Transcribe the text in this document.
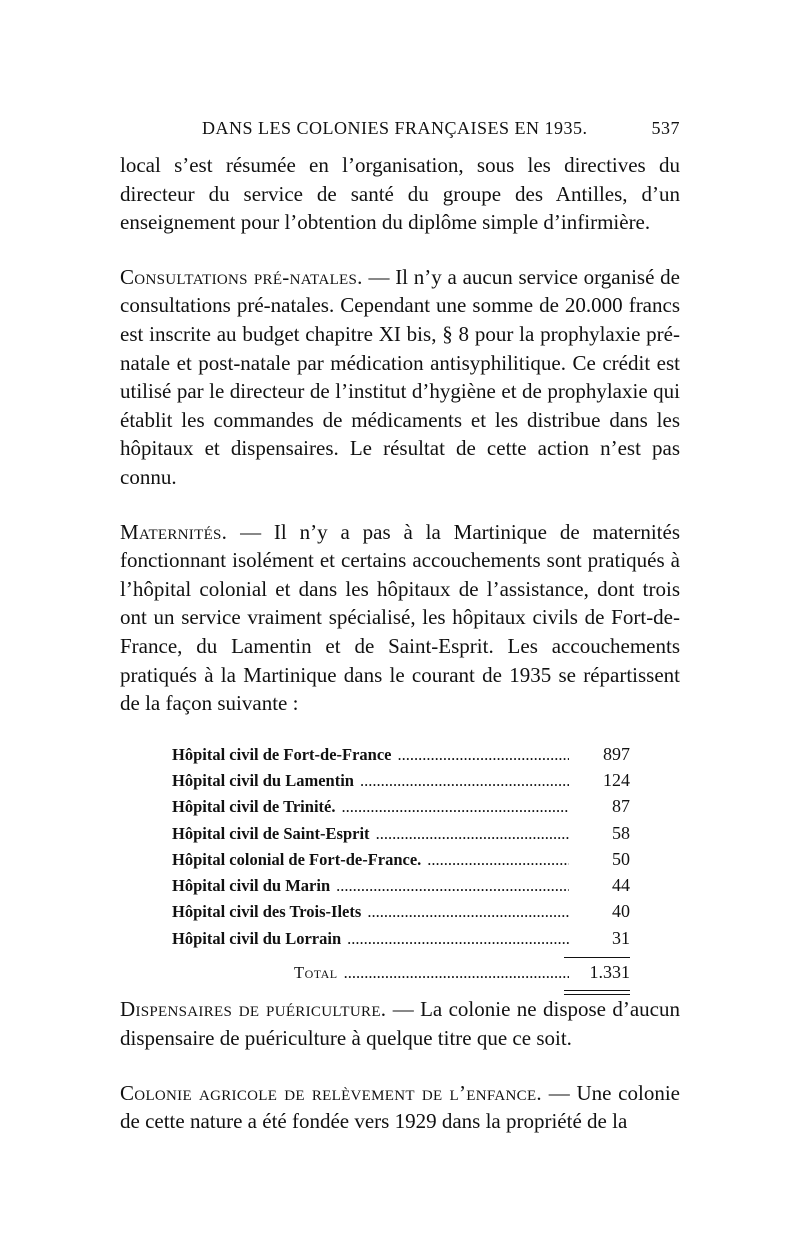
DANS LES COLONIES FRANÇAISES EN 1935.	537

local s’est résumée en l’organisation, sous les directives du directeur du service de santé du groupe des Antilles, d’un enseignement pour l’obtention du diplôme simple d’infirmière.

Consultations pré-natales. — Il n’y a aucun service organisé de consultations pré-natales. Cependant une somme de 20.000 francs est inscrite au budget chapitre XI bis, § 8 pour la prophylaxie pré-natale et post-natale par médication antisyphilitique. Ce crédit est utilisé par le directeur de l’institut d’hygiène et de prophylaxie qui établit les commandes de médicaments et les distribue dans les hôpitaux et dispensaires. Le résultat de cette action n’est pas connu.

Maternités. — Il n’y a pas à la Martinique de maternités fonctionnant isolément et certains accouchements sont pratiqués à l’hôpital colonial et dans les hôpitaux de l’assistance, dont trois ont un service vraiment spécialisé, les hôpitaux civils de Fort-de-France, du Lamentin et de Saint-Esprit. Les accouchements pratiqués à la Martinique dans le courant de 1935 se répartissent de la façon suivante :

Hôpital civil de Fort-de-France .....	897
Hôpital civil du Lamentin .....	124
Hôpital civil de Trinité. .....	87
Hôpital civil de Saint-Esprit .....	58
Hôpital colonial de Fort-de-France. .....	50
Hôpital civil du Marin .....	44
Hôpital civil des Trois-Ilets .....	40
Hôpital civil du Lorrain .....	31
Total .....	1.331

Dispensaires de puériculture. — La colonie ne dispose d’aucun dispensaire de puériculture à quelque titre que ce soit.

Colonie agricole de relèvement de l’enfance. — Une colonie de cette nature a été fondée vers 1929 dans la propriété de la
